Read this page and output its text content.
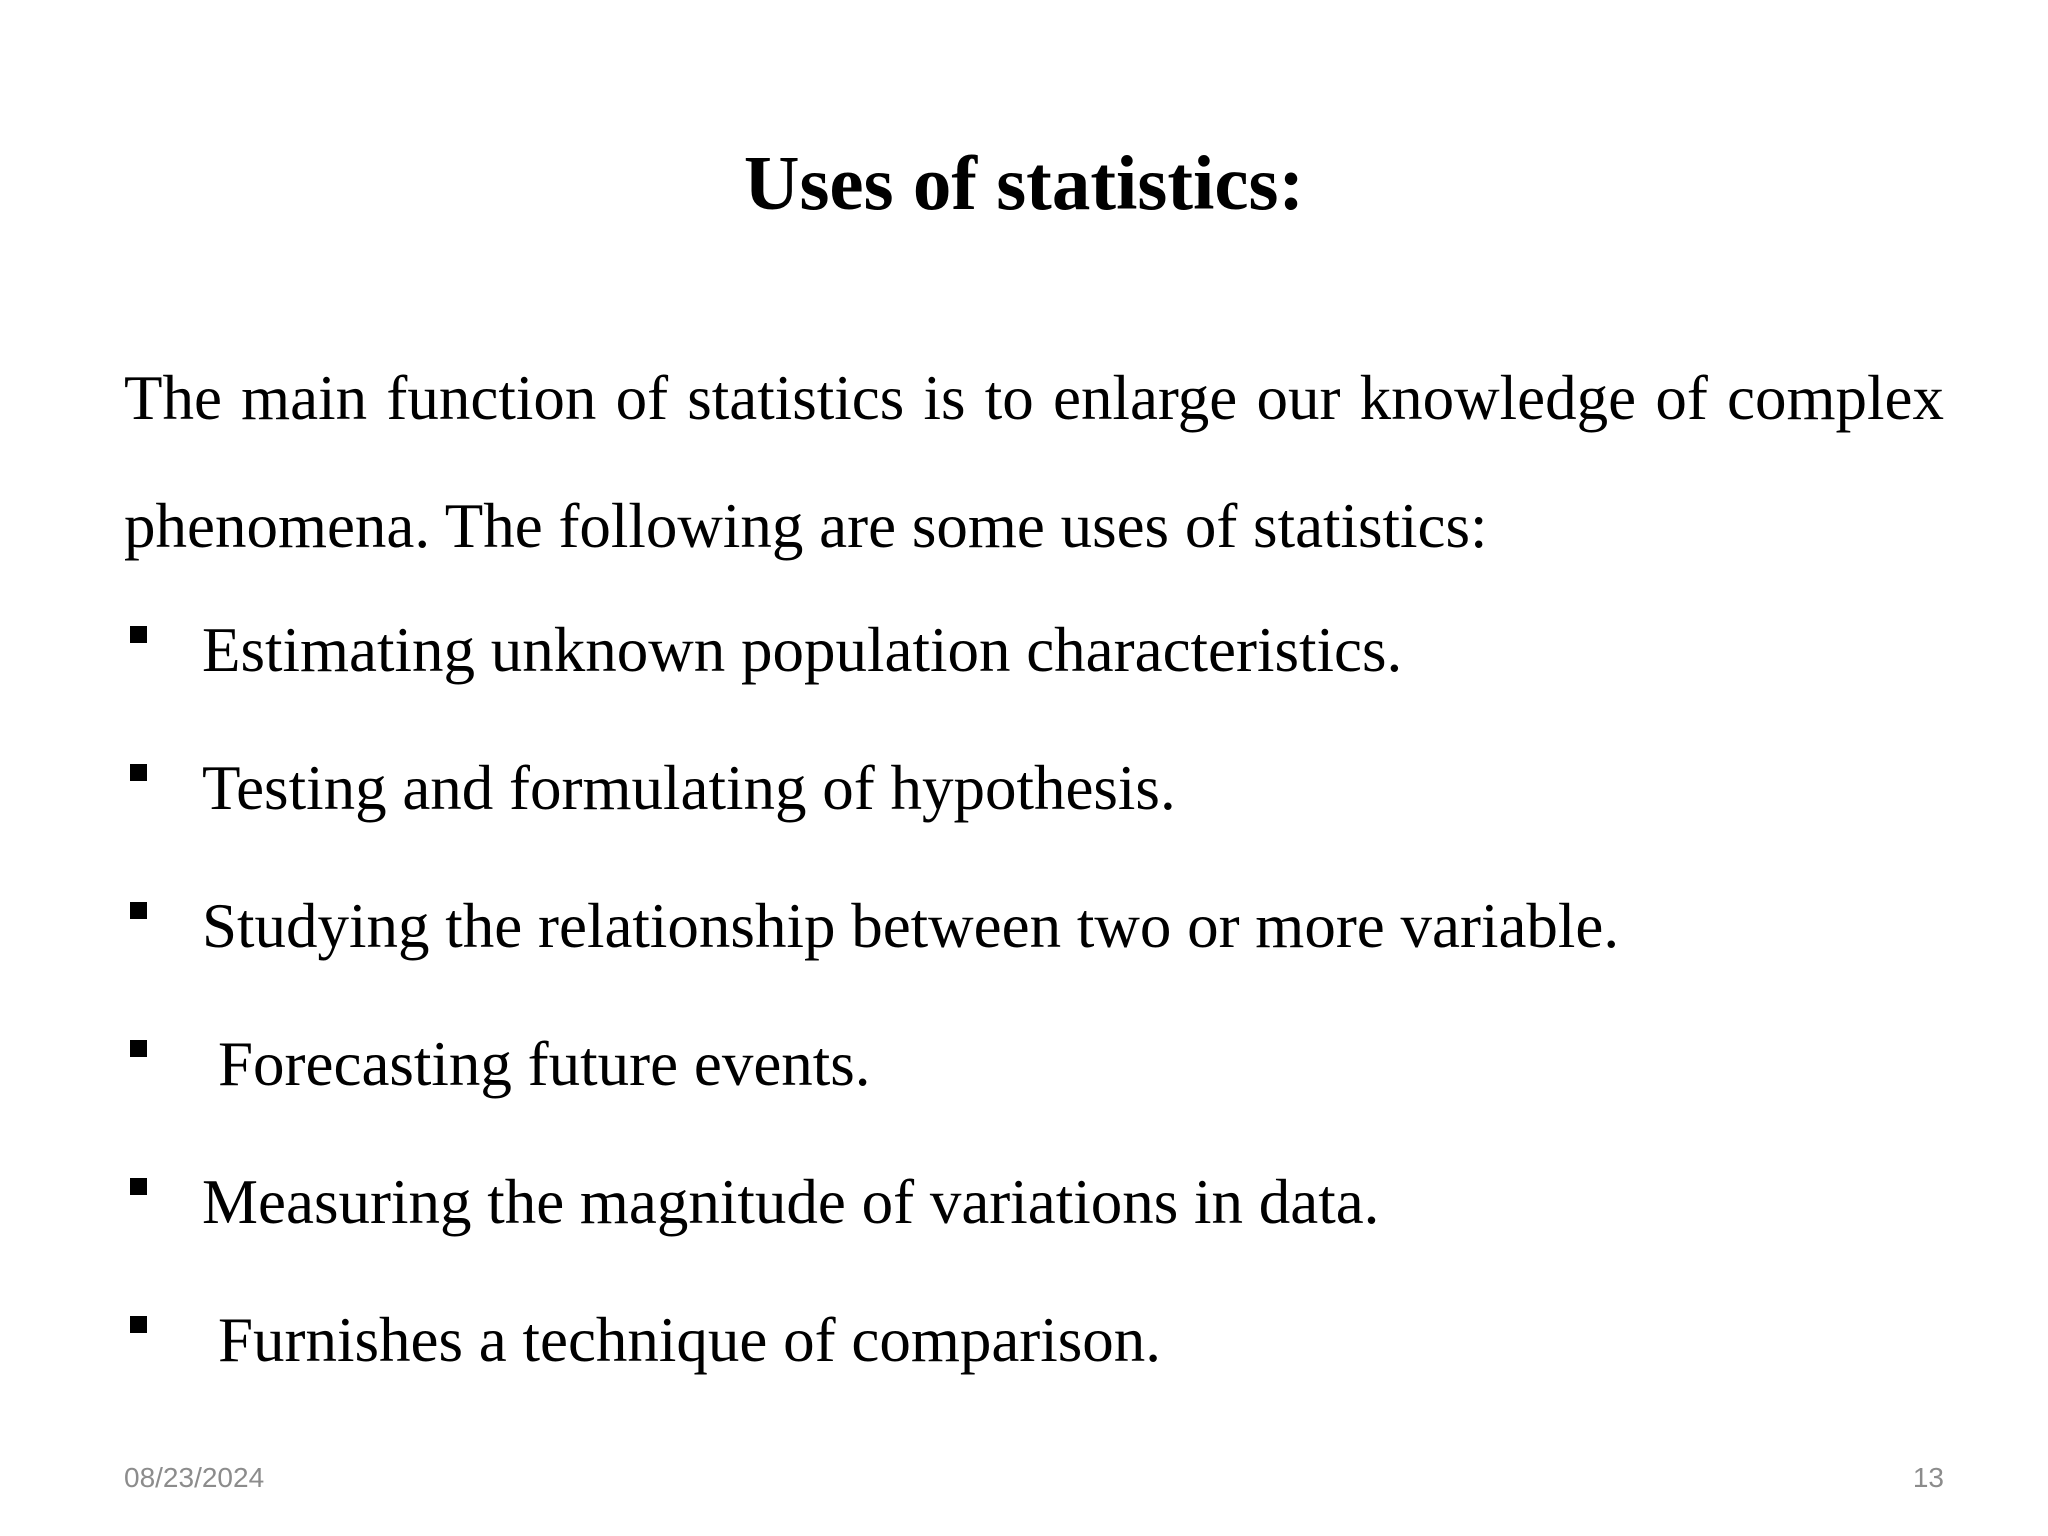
Uses of statistics:

The main function of statistics is to enlarge our knowledge of complex phenomena. The following are some uses of statistics:

Estimating unknown population characteristics.
Testing and formulating of hypothesis.
Studying the relationship between two or more variable.
Forecasting future events.
Measuring the magnitude of variations in data.
Furnishes a technique of comparison.
08/23/2024	13
